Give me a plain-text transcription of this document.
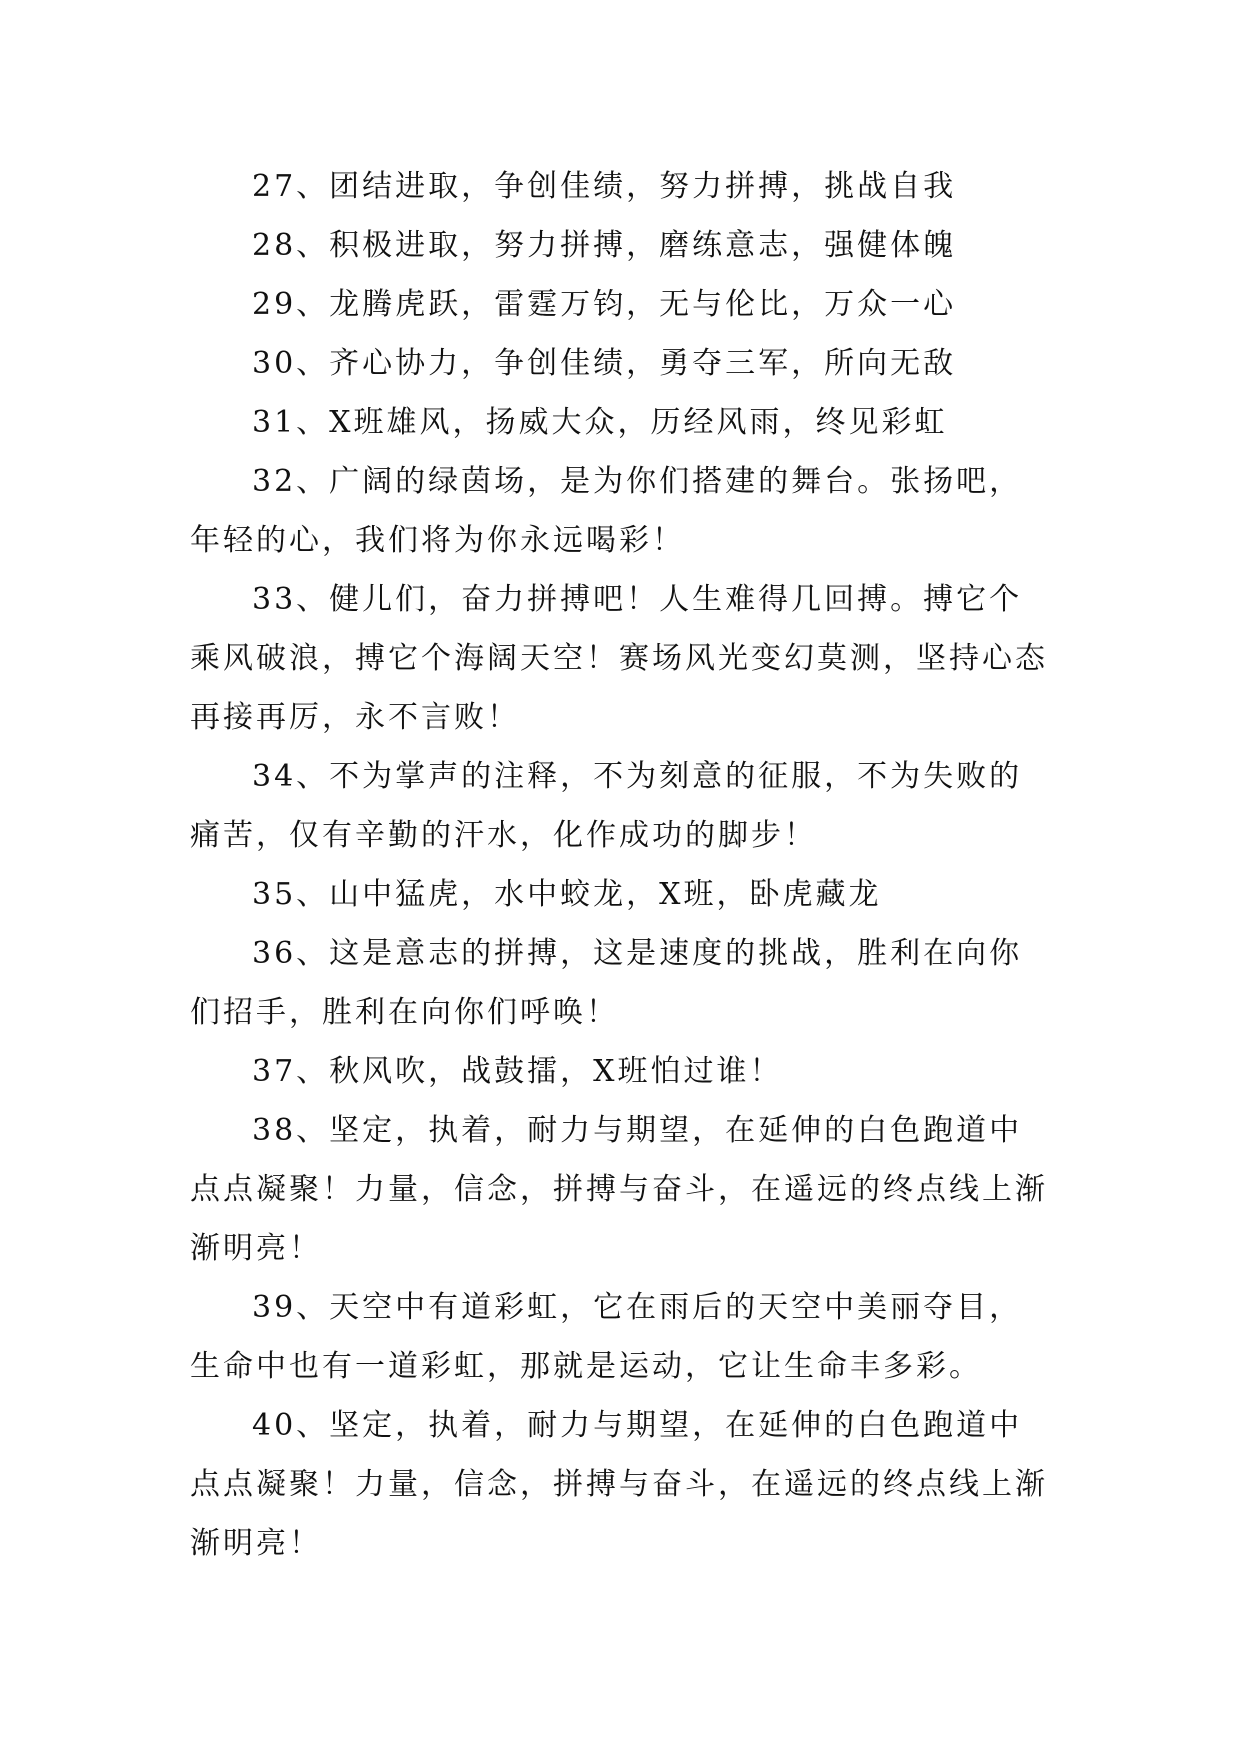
27、团结进取，争创佳绩，努力拼搏，挑战自我

28、积极进取，努力拼搏，磨练意志，强健体魄

29、龙腾虎跃，雷霆万钧，无与伦比，万众一心

30、齐心协力，争创佳绩，勇夺三军，所向无敌

31、X班雄风，扬威大众，历经风雨，终见彩虹

32、广阔的绿茵场，是为你们搭建的舞台。张扬吧，年轻的心，我们将为你永远喝彩！

33、健儿们，奋力拼搏吧！人生难得几回搏。搏它个乘风破浪，搏它个海阔天空！赛场风光变幻莫测，坚持心态再接再厉，永不言败！

34、不为掌声的注释，不为刻意的征服，不为失败的痛苦，仅有辛勤的汗水，化作成功的脚步！

35、山中猛虎，水中蛟龙，X班，卧虎藏龙

36、这是意志的拼搏，这是速度的挑战，胜利在向你们招手，胜利在向你们呼唤！

37、秋风吹，战鼓擂，X班怕过谁！

38、坚定，执着，耐力与期望，在延伸的白色跑道中点点凝聚！力量，信念，拼搏与奋斗，在遥远的终点线上渐渐明亮！

39、天空中有道彩虹，它在雨后的天空中美丽夺目，生命中也有一道彩虹，那就是运动，它让生命丰多彩。

40、坚定，执着，耐力与期望，在延伸的白色跑道中点点凝聚！力量，信念，拼搏与奋斗，在遥远的终点线上渐渐明亮！
